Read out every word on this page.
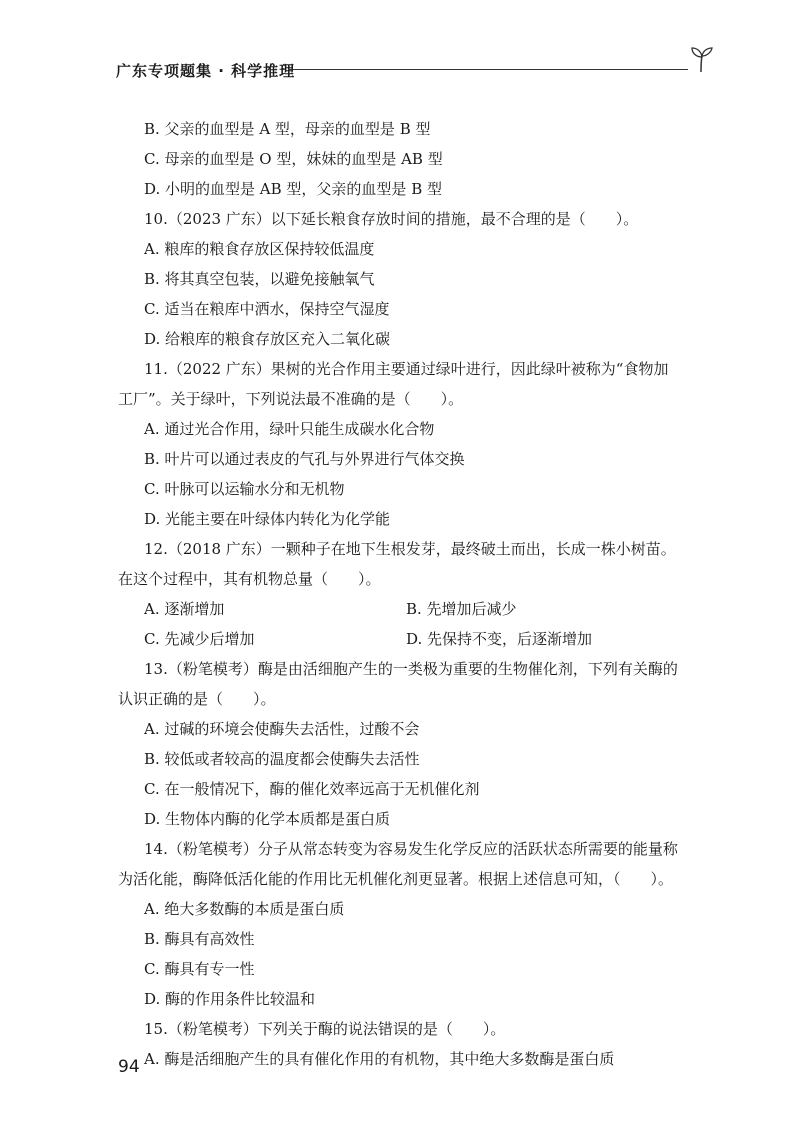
广东专项题集 · 科学推理
B. 父亲的血型是 A 型，母亲的血型是 B 型
C. 母亲的血型是 O 型，妹妹的血型是 AB 型
D. 小明的血型是 AB 型，父亲的血型是 B 型
10.（2023 广东）以下延长粮食存放时间的措施，最不合理的是（　　）。
A. 粮库的粮食存放区保持较低温度
B. 将其真空包装，以避免接触氧气
C. 适当在粮库中洒水，保持空气湿度
D. 给粮库的粮食存放区充入二氧化碳
11.（2022 广东）果树的光合作用主要通过绿叶进行，因此绿叶被称为“食物加
工厂”。关于绿叶，下列说法最不准确的是（　　）。
A. 通过光合作用，绿叶只能生成碳水化合物
B. 叶片可以通过表皮的气孔与外界进行气体交换
C. 叶脉可以运输水分和无机物
D. 光能主要在叶绿体内转化为化学能
12.（2018 广东）一颗种子在地下生根发芽，最终破土而出，长成一株小树苗。
在这个过程中，其有机物总量（　　）。
A. 逐渐增加	B. 先增加后减少
C. 先减少后增加	D. 先保持不变，后逐渐增加
13.（粉笔模考）酶是由活细胞产生的一类极为重要的生物催化剂，下列有关酶的
认识正确的是（　　）。
A. 过碱的环境会使酶失去活性，过酸不会
B. 较低或者较高的温度都会使酶失去活性
C. 在一般情况下，酶的催化效率远高于无机催化剂
D. 生物体内酶的化学本质都是蛋白质
14.（粉笔模考）分子从常态转变为容易发生化学反应的活跃状态所需要的能量称
为活化能，酶降低活化能的作用比无机催化剂更显著。根据上述信息可知，（　　）。
A. 绝大多数酶的本质是蛋白质
B. 酶具有高效性
C. 酶具有专一性
D. 酶的作用条件比较温和
15.（粉笔模考）下列关于酶的说法错误的是（　　）。
A. 酶是活细胞产生的具有催化作用的有机物，其中绝大多数酶是蛋白质
94
